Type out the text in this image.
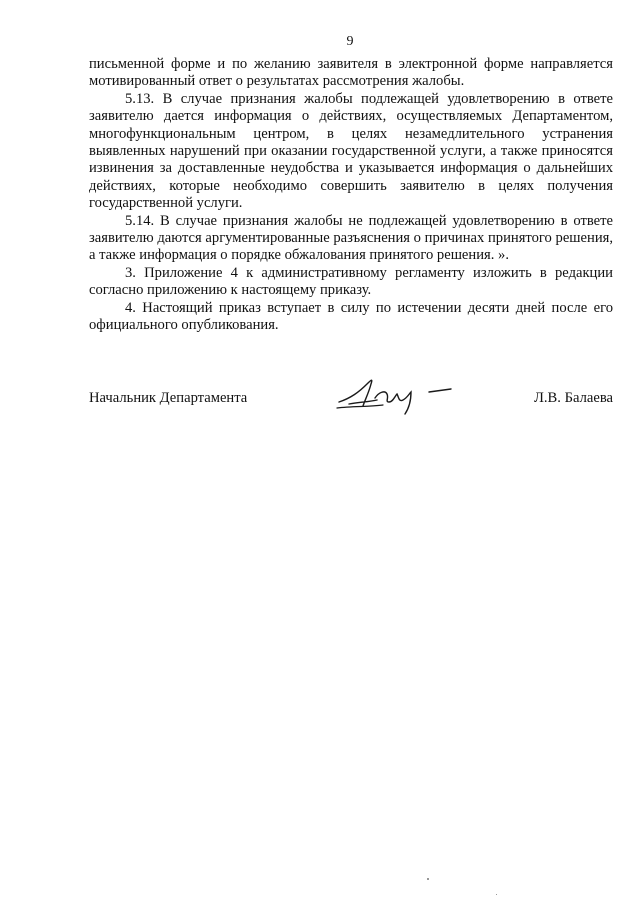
9

письменной форме и по желанию заявителя в электронной форме направляется мотивированный ответ о результатах рассмотрения жалобы.

5.13. В случае признания жалобы подлежащей удовлетворению в ответе заявителю дается информация о действиях, осуществляемых Департаментом, многофункциональным центром, в целях незамедлительного устранения выявленных нарушений при оказании государственной услуги, а также приносятся извинения за доставленные неудобства и указывается информация о дальнейших действиях, которые необходимо совершить заявителю в целях получения государственной услуги.

5.14. В случае признания жалобы не подлежащей удовлетворению в ответе заявителю даются аргументированные разъяснения о причинах принятого решения, а также информация о порядке обжалования принятого решения. ».

3. Приложение 4 к административному регламенту изложить в редакции согласно приложению к настоящему приказу.

4. Настоящий приказ вступает в силу по истечении десяти дней после его официального опубликования.

Начальник Департамента	Л.В. Балаева
